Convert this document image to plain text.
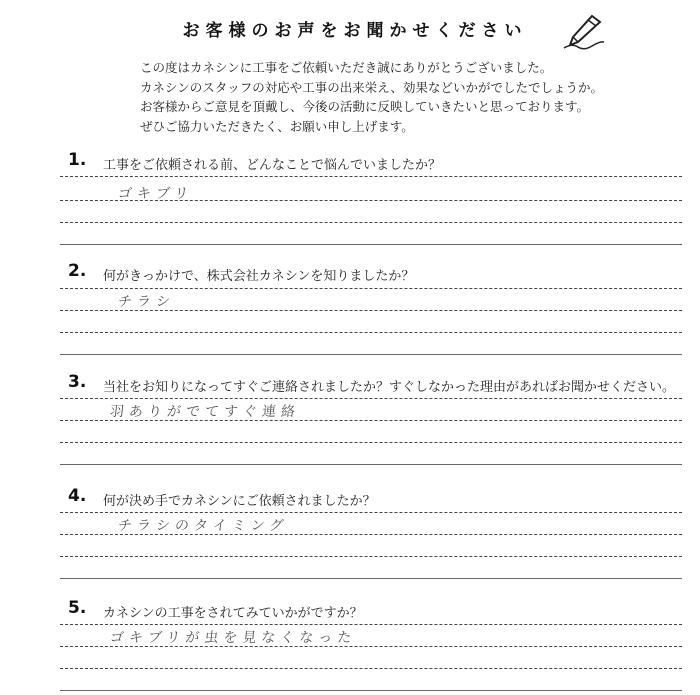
お客様のお声をお聞かせください
この度はカネシンに工事をご依頼いただき誠にありがとうございました。
カネシンのスタッフの対応や工事の出来栄え、効果などいかがでしたでしょうか。
お客様からご意見を頂戴し、今後の活動に反映していきたいと思っております。
ぜひご協力いただきたく、お願い申し上げます。
1. 工事をご依頼される前、どんなことで悩んでいましたか？
ゴキブリ
2. 何がきっかけで、株式会社カネシンを知りましたか？
チラシ
3. 当社をお知りになってすぐご連絡されましたか？すぐしなかった理由があればお聞かせください。
羽ありがでてすぐ連絡
4. 何が決め手でカネシンにご依頼されましたか？
チラシのタイミング
5. カネシンの工事をされてみていかがですか？
ゴキブリが虫を見なくなった
